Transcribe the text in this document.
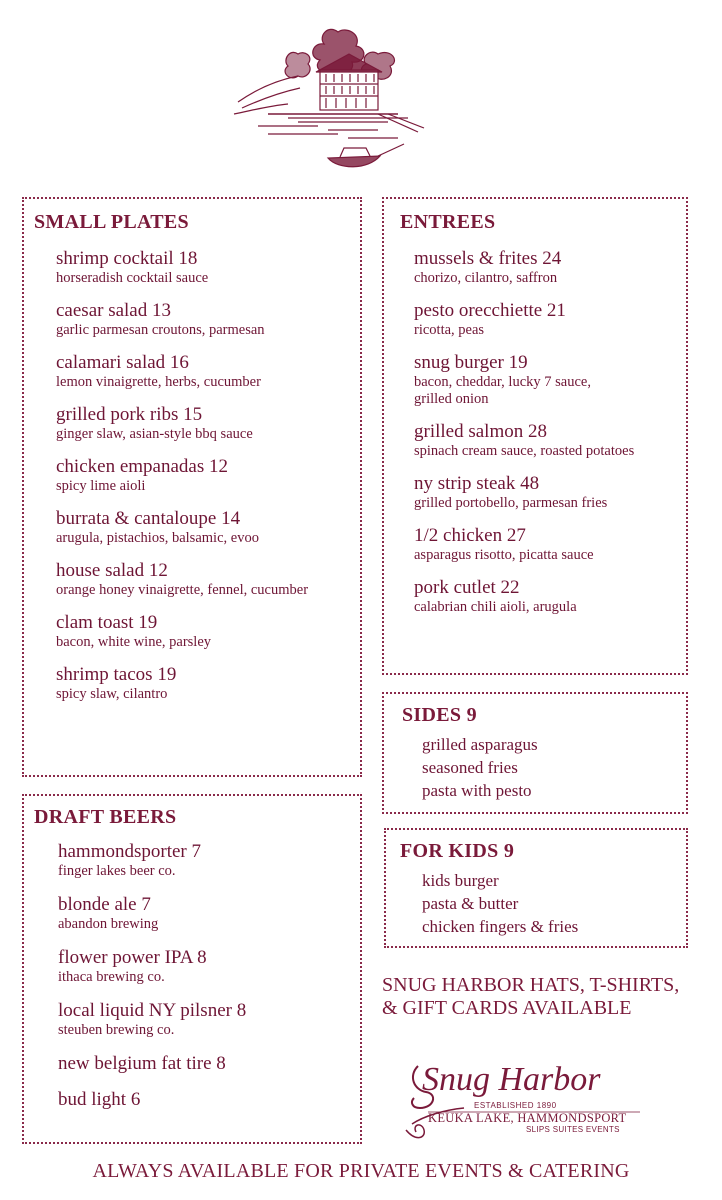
SMALL PLATES
shrimp cocktail 18
horseradish cocktail sauce
caesar salad 13
garlic parmesan croutons, parmesan
calamari salad 16
lemon vinaigrette, herbs, cucumber
grilled pork ribs 15
ginger slaw, asian-style bbq sauce
chicken empanadas 12
spicy lime aioli
burrata & cantaloupe 14
arugula, pistachios, balsamic, evoo
house salad 12
orange honey vinaigrette, fennel, cucumber
clam toast 19
bacon, white wine, parsley
shrimp tacos 19
spicy slaw, cilantro
ENTREES
mussels & frites 24
chorizo, cilantro, saffron
pesto orecchiette 21
ricotta, peas
snug burger 19
bacon, cheddar, lucky 7 sauce,
grilled onion
grilled salmon 28
spinach cream sauce, roasted potatoes
ny strip steak 48
grilled portobello, parmesan fries
1/2 chicken 27
asparagus risotto, picatta sauce
pork cutlet 22
calabrian chili aioli, arugula
SIDES 9
grilled asparagus
seasoned fries
pasta with pesto
FOR KIDS 9
kids burger
pasta & butter
chicken fingers & fries
DRAFT BEERS
hammondsporter 7
finger lakes beer co.
blonde ale 7
abandon brewing
flower power IPA 8
ithaca brewing co.
local liquid NY pilsner 8
steuben brewing co.
new belgium fat tire 8
bud light 6
SNUG HARBOR HATS, T-SHIRTS,
& GIFT CARDS AVAILABLE
Snug Harbor
ESTABLISHED 1890
KEUKA LAKE, HAMMONDSPORT
SLIPS SUITES EVENTS
ALWAYS AVAILABLE FOR PRIVATE EVENTS & CATERING
